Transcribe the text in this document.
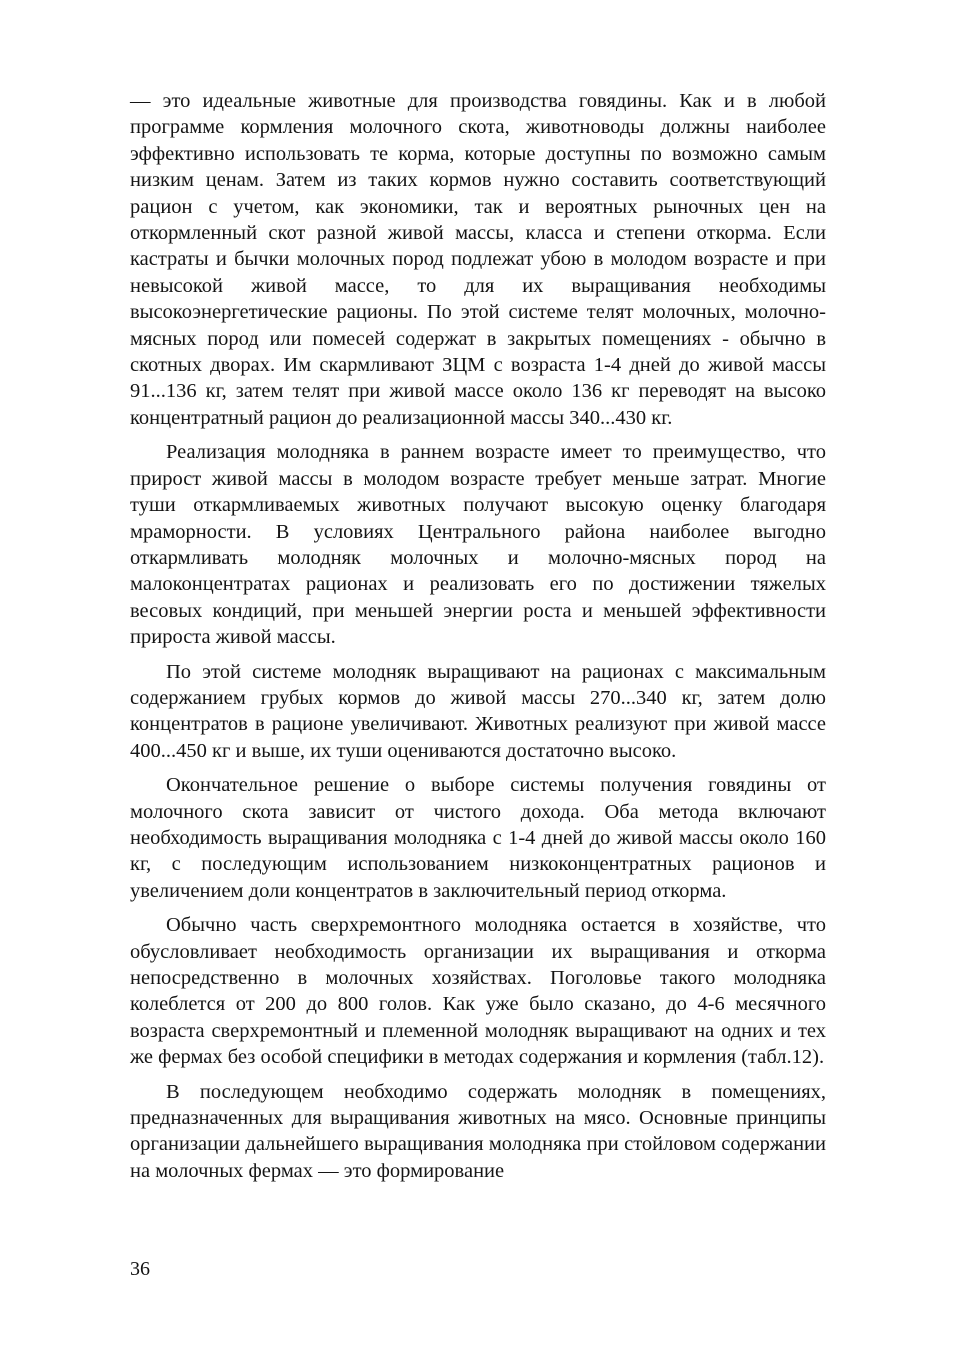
— это идеальные животные для производства говядины. Как и в любой программе кормления молочного скота, животноводы должны наиболее эффективно использовать те корма, которые доступны по возможно самым низким ценам. Затем из таких кормов нужно составить соответствующий рацион с учетом, как экономики, так и вероятных рыночных цен на откормленный скот разной живой массы, класса и степени откорма. Если кастраты и бычки молочных пород подлежат убою в молодом возрасте и при невысокой живой массе, то для их выращивания необходимы высокоэнергетические рационы. По этой системе телят молочных, молочно-мясных пород или помесей содержат в закрытых помещениях - обычно в скотных дворах. Им скармливают ЗЦМ с возраста 1-4 дней до живой массы 91...136 кг, затем телят при живой массе около 136 кг переводят на высоко концентратный рацион до реализационной массы 340...430 кг.

Реализация молодняка в раннем возрасте имеет то преимущество, что прирост живой массы в молодом возрасте требует меньше затрат. Многие туши откармливаемых животных получают высокую оценку благодаря мраморности. В условиях Центрального района наиболее выгодно откармливать молодняк молочных и молочно-мясных пород на малоконцентратах рационах и реализовать его по достижении тяжелых весовых кондиций, при меньшей энергии роста и меньшей эффективности прироста живой массы.

По этой системе молодняк выращивают на рационах с максимальным содержанием грубых кормов до живой массы 270...340 кг, затем долю концентратов в рационе увеличивают. Животных реализуют при живой массе 400...450 кг и выше, их туши оцениваются достаточно высоко.

Окончательное решение о выборе системы получения говядины от молочного скота зависит от чистого дохода. Оба метода включают необходимость выращивания молодняка с 1-4 дней до живой массы около 160 кг, с последующим использованием низкоконцентратных рационов и увеличением доли концентратов в заключительный период откорма.

Обычно часть сверхремонтного молодняка остается в хозяйстве, что обусловливает необходимость организации их выращивания и откорма непосредственно в молочных хозяйствах. Поголовье такого молодняка колеблется от 200 до 800 голов. Как уже было сказано, до 4-6 месячного возраста сверхремонтный и племенной молодняк выращивают на одних и тех же фермах без особой специфики в методах содержания и кормления (табл.12).

В последующем необходимо содержать молодняк в помещениях, предназначенных для выращивания животных на мясо. Основные принципы организации дальнейшего выращивания молодняка при стойловом содержании на молочных фермах — это формирование

36
